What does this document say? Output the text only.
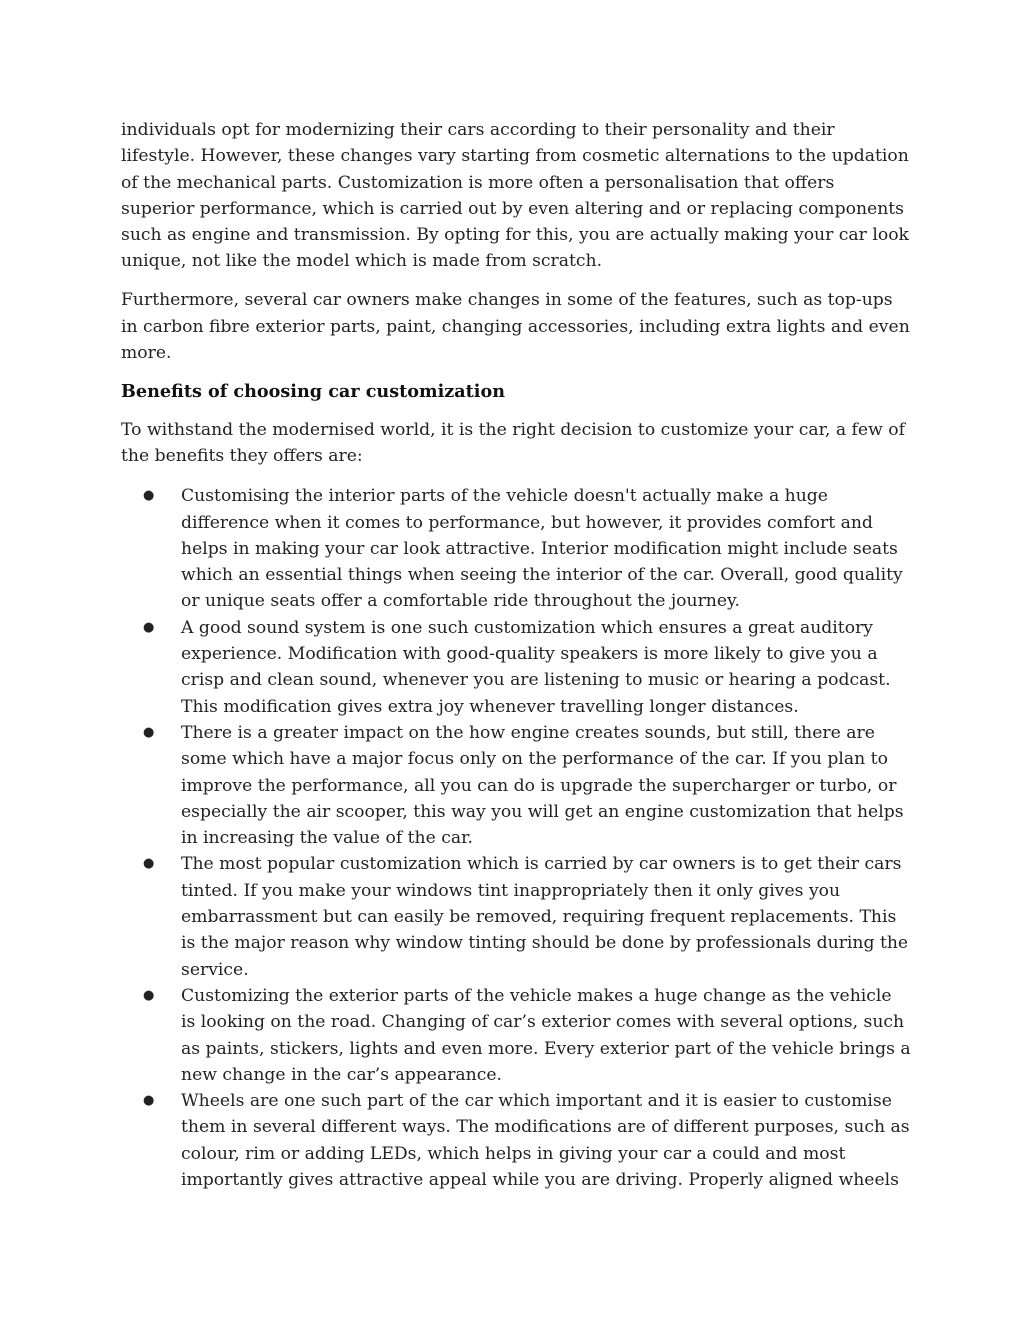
individuals opt for modernizing their cars according to their personality and their lifestyle. However, these changes vary starting from cosmetic alternations to the updation of the mechanical parts. Customization is more often a personalisation that offers superior performance, which is carried out by even altering and or replacing components such as engine and transmission. By opting for this, you are actually making your car look unique, not like the model which is made from scratch.

Furthermore, several car owners make changes in some of the features, such as top-ups in carbon fibre exterior parts, paint, changing accessories, including extra lights and even more.

Benefits of choosing car customization

To withstand the modernised world, it is the right decision to customize your car, a few of the benefits they offers are:

● Customising the interior parts of the vehicle doesn't actually make a huge difference when it comes to performance, but however, it provides comfort and helps in making your car look attractive. Interior modification might include seats which an essential things when seeing the interior of the car. Overall, good quality or unique seats offer a comfortable ride throughout the journey.
● A good sound system is one such customization which ensures a great auditory experience. Modification with good-quality speakers is more likely to give you a crisp and clean sound, whenever you are listening to music or hearing a podcast. This modification gives extra joy whenever travelling longer distances.
● There is a greater impact on the how engine creates sounds, but still, there are some which have a major focus only on the performance of the car. If you plan to improve the performance, all you can do is upgrade the supercharger or turbo, or especially the air scooper, this way you will get an engine customization that helps in increasing the value of the car.
● The most popular customization which is carried by car owners is to get their cars tinted. If you make your windows tint inappropriately then it only gives you embarrassment but can easily be removed, requiring frequent replacements. This is the major reason why window tinting should be done by professionals during the service.
● Customizing the exterior parts of the vehicle makes a huge change as the vehicle is looking on the road. Changing of car’s exterior comes with several options, such as paints, stickers, lights and even more. Every exterior part of the vehicle brings a new change in the car’s appearance.
● Wheels are one such part of the car which important and it is easier to customise them in several different ways. The modifications are of different purposes, such as colour, rim or adding LEDs, which helps in giving your car a could and most importantly gives attractive appeal while you are driving. Properly aligned wheels
